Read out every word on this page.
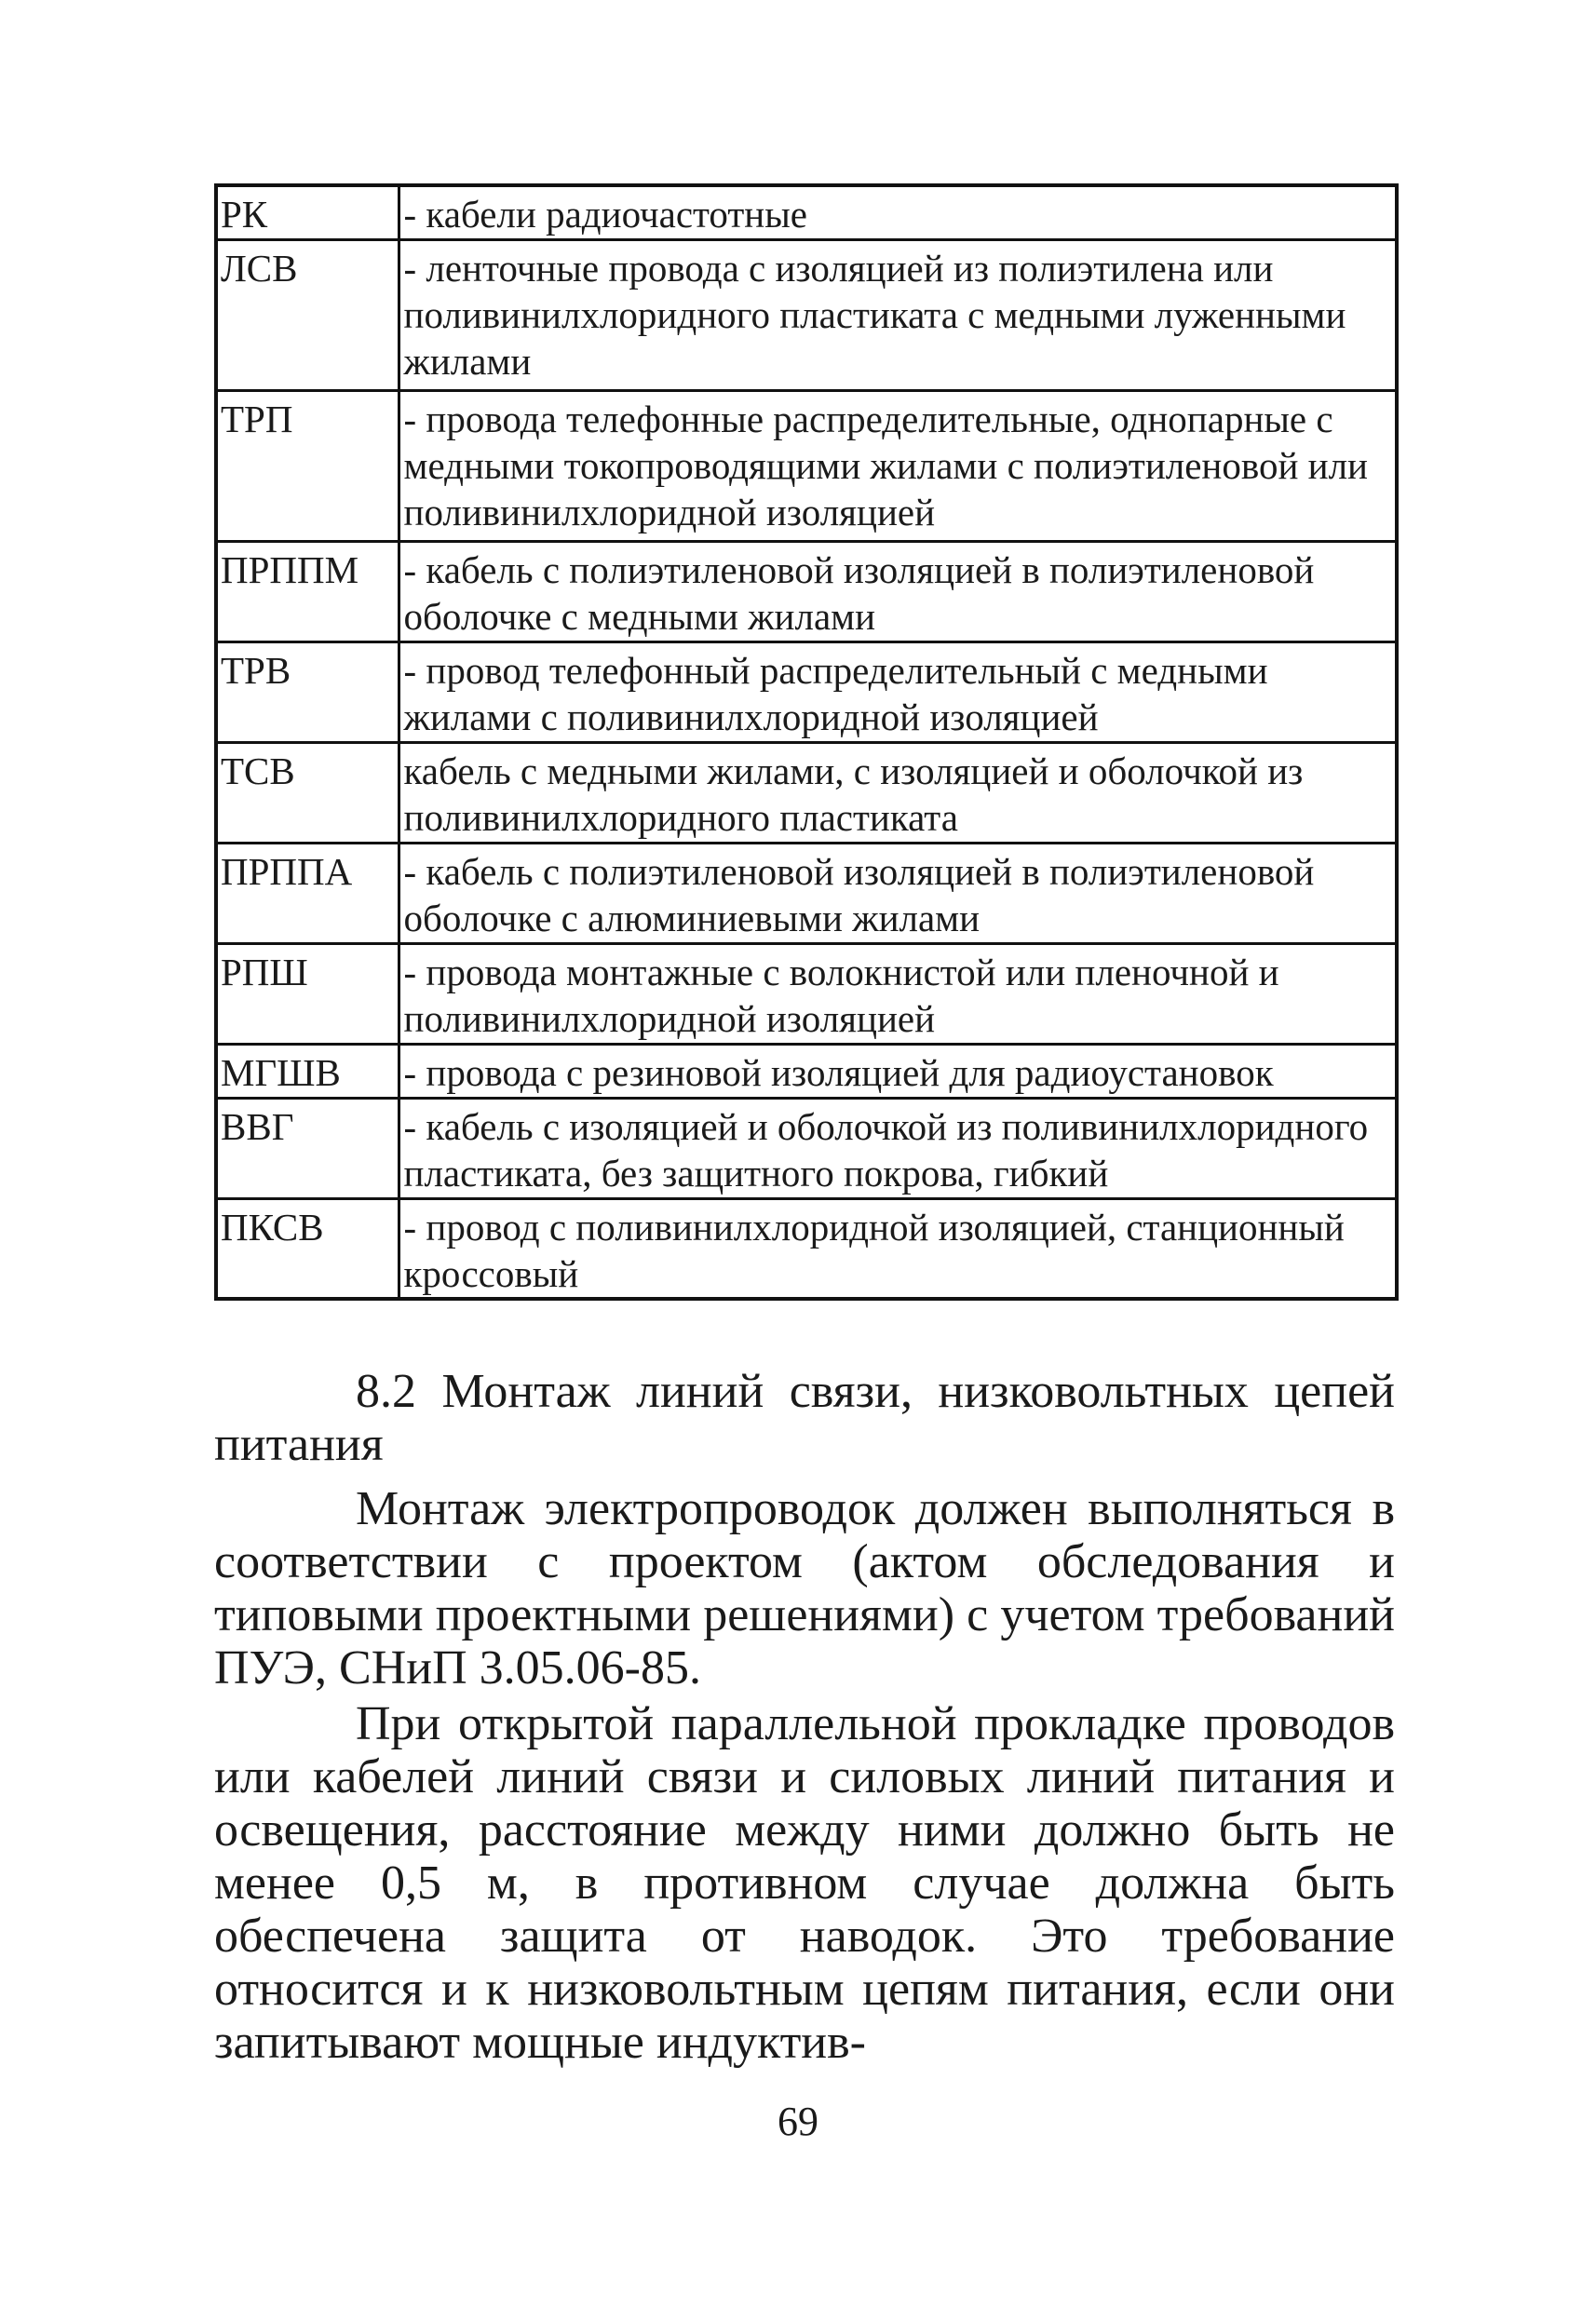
РК	- кабели радиочастотные
ЛСВ	- ленточные провода с изоляцией из полиэтилена или поливинилхлоридного пластиката с медными луженными жилами
ТРП	- провода телефонные распределительные, однопарные с медными токопроводящими жилами с полиэтиленовой или поливинилхлоридной изоляцией
ПРППМ	- кабель с полиэтиленовой изоляцией в полиэтиленовой оболочке с медными жилами
ТРВ	- провод телефонный распределительный с медными жилами с поливинилхлоридной изоляцией
ТСВ	кабель с медными жилами, с изоляцией и оболочкой из поливинилхлоридного пластиката
ПРППА	- кабель с полиэтиленовой изоляцией в полиэтиленовой оболочке с алюминиевыми жилами
РПШ	- провода монтажные с волокнистой или пленочной и поливинилхлоридной изоляцией
МГШВ	- провода с резиновой изоляцией для радиоустановок
ВВГ	- кабель с изоляцией и оболочкой из поливинилхлоридного пластиката, без защитного покрова, гибкий
ПКСВ	- провод с поливинилхлоридной изоляцией, станционный кроссовый

8.2 Монтаж линий связи, низковольтных цепей питания

Монтаж электропроводок должен выполняться в соответствии с проектом (актом обследования и типовыми проектными решениями) с учетом требований ПУЭ, СНиП 3.05.06-85.

При открытой параллельной прокладке проводов или кабелей линий связи и силовых линий питания и освещения, расстояние между ними должно быть не менее 0,5 м, в противном случае должна быть обеспечена защита от наводок. Это требование относится и к низковольтным цепям питания, если они запитывают мощные индуктив-

69
